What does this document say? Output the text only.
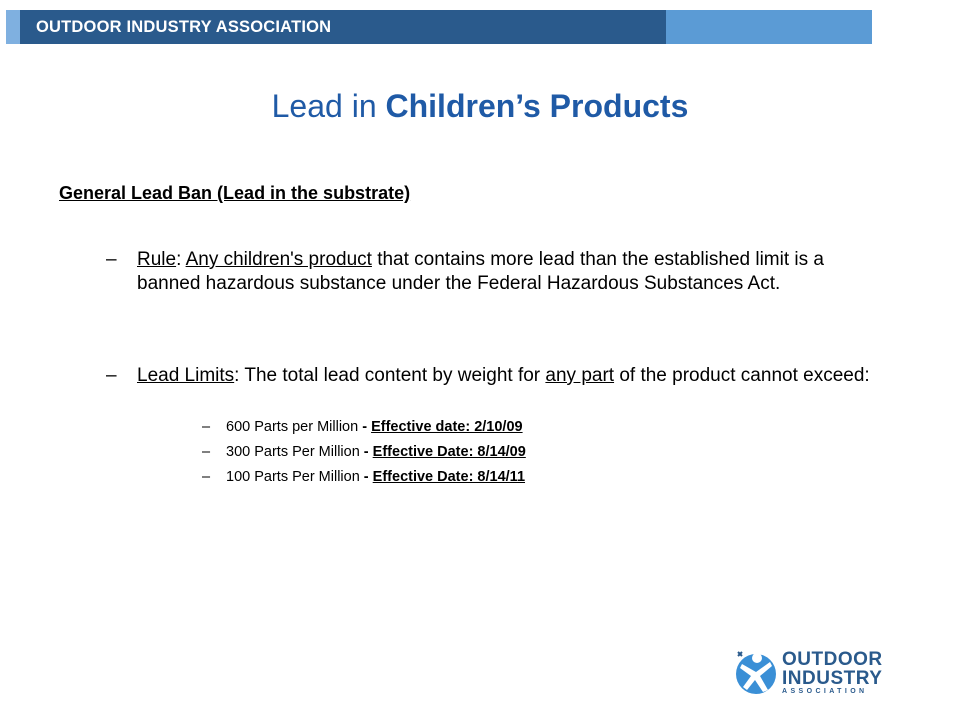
OUTDOOR INDUSTRY ASSOCIATION
Lead in Children’s Products
General Lead Ban (Lead in the substrate)
– Rule: Any children's product that contains more lead than the established limit is a banned hazardous substance under the Federal Hazardous Substances Act.
– Lead Limits: The total lead content by weight for any part of the product cannot exceed:
– 600 Parts per Million - Effective date: 2/10/09
– 300 Parts Per Million - Effective Date: 8/14/09
– 100 Parts Per Million - Effective Date: 8/14/11
OUTDOOR
INDUSTRY
ASSOCIATION
